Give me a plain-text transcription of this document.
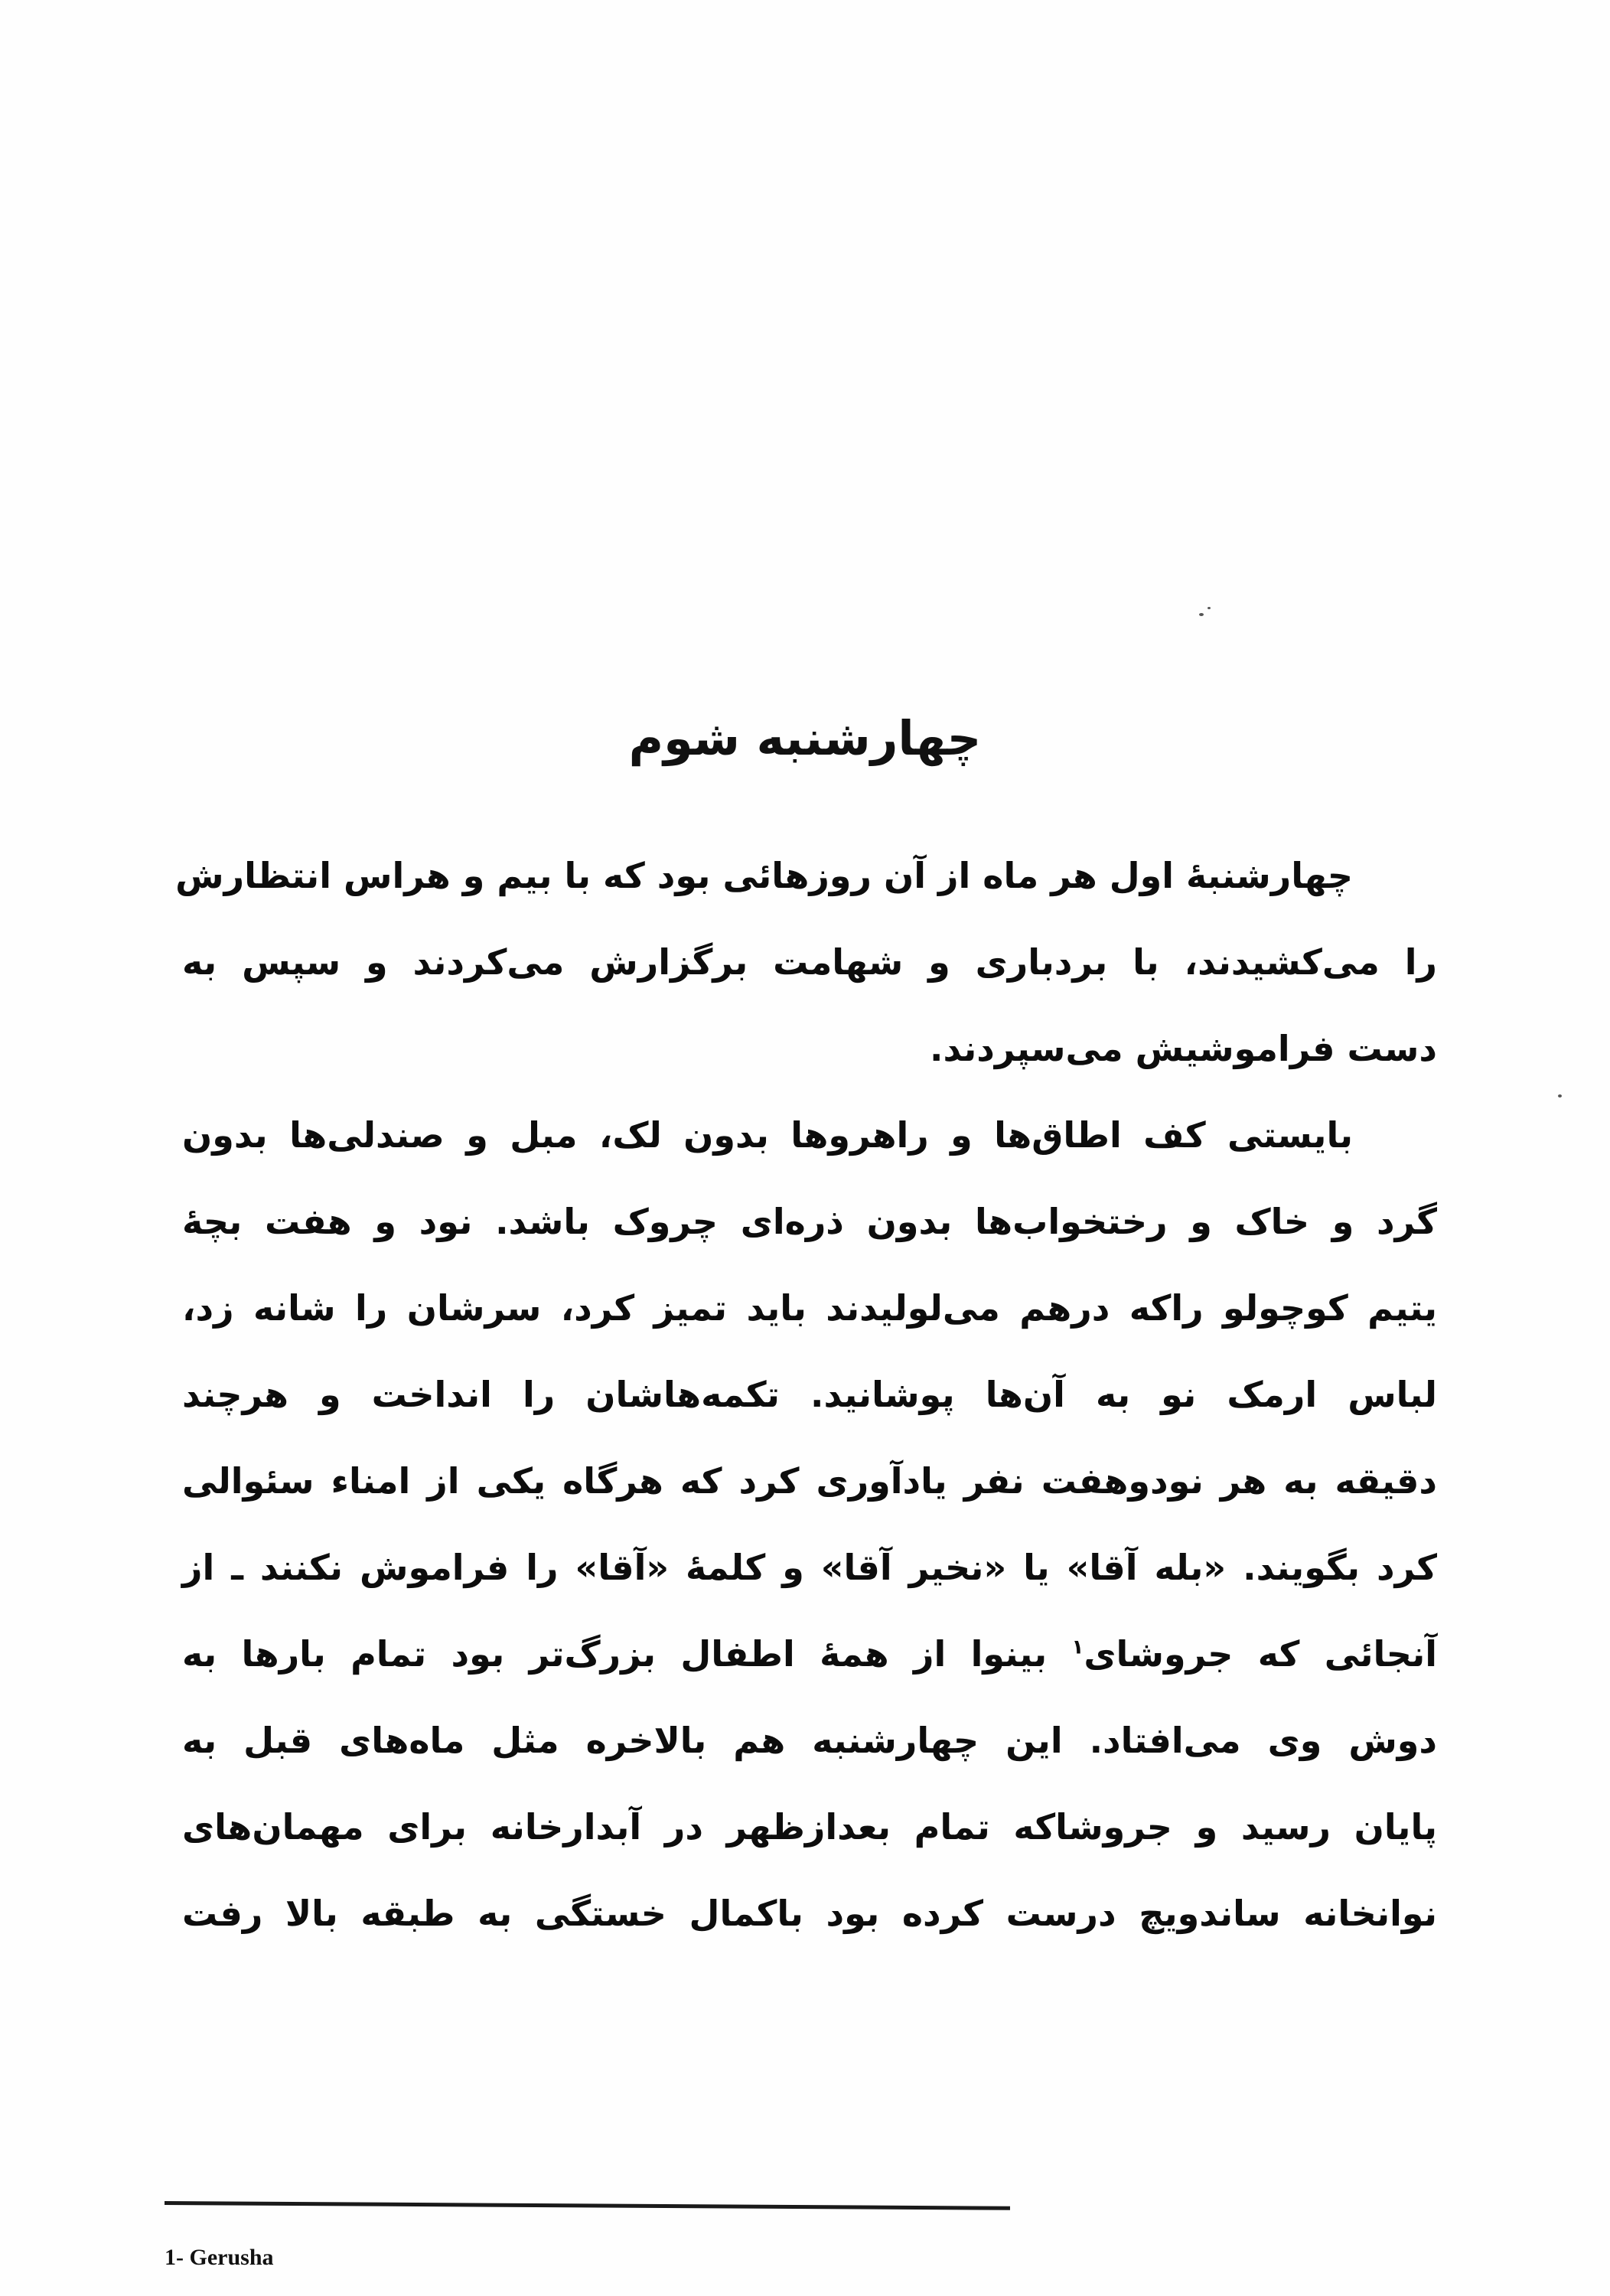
چهارشنبه شوم
چهارشنبهٔ اول هر ماه از آن روزهائی بود که با بیم و هراس انتظارش
را می‌کشیدند، با بردباری و شهامت برگزارش می‌کردند و سپس به
دست فراموشیش می‌سپردند.
بایستی کف اطاق‌ها و راهروها بدون لک، مبل و صندلی‌ها بدون
گرد و خاک و رختخواب‌ها بدون ذره‌ای چروک باشد. نود و هفت بچهٔ
یتیم کوچولو راکه درهم می‌لولیدند باید تمیز کرد، سرشان را شانه زد،
لباس ارمک نو به آن‌ها پوشانید. تکمه‌هاشان را انداخت و هرچند
دقیقه به هر نودوهفت نفر یادآوری کرد که هرگاه یکی از امناء سئوالی
کرد بگویند. «بله آقا» یا «نخیر آقا» و کلمهٔ «آقا» را فراموش نکنند ـ از
آنجائی که جروشای$^۱$ بینوا از همهٔ اطفال بزرگ‌تر بود تمام بارها به
دوش وی می‌افتاد. این چهارشنبه هم بالاخره مثل ماه‌های قبل به
پایان رسید و جروشاکه تمام بعدازظهر در آبدارخانه برای مهمان‌های
نوانخانه ساندویچ درست کرده بود باکمال خستگی به طبقه بالا رفت
1- Gerusha
